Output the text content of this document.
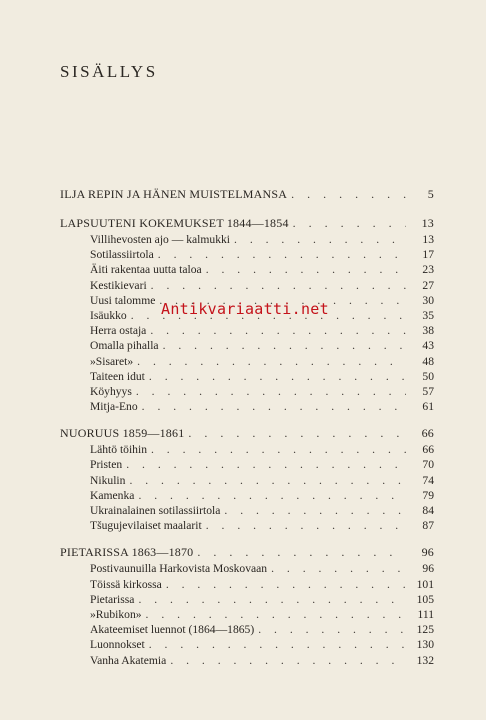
SISÄLLYS
ILJA REPIN JA HÄNEN MUISTELMANSA . . .	5
LAPSUUTENI KOKEMUKSET 1844—1854 . . .	13
Villihevosten ajo — kalmukki . . .	13
Sotilassiirtola . . .	17
Äiti rakentaa uutta taloa . . .	23
Kestikievari . . .	27
Uusi talomme . . .	30
Isäukko . . .	35
Herra ostaja . . .	38
Omalla pihalla . . .	43
»Sisaret» . . .	48
Taiteen idut . . .	50
Köyhyys . . .	57
Mitja-Eno . . .	61
NUORUUS 1859—1861 . . .	66
Lähtö töihin . . .	66
Pristen . . .	70
Nikulin . . .	74
Kamenka . . .	79
Ukrainalainen sotilassiirtola . . .	84
Tšugujevilaiset maalarit . . .	87
PIETARISSA 1863—1870 . . .	96
Postivaunuilla Harkovista Moskovaan . . .	96
Töissä kirkossa . . .	101
Pietarissa . . .	105
»Rubikon» . . .	111
Akateemiset luennot (1864—1865) . . .	125
Luonnokset . . .	130
Vanha Akatemia . . .	132
Antikvariaatti.net
